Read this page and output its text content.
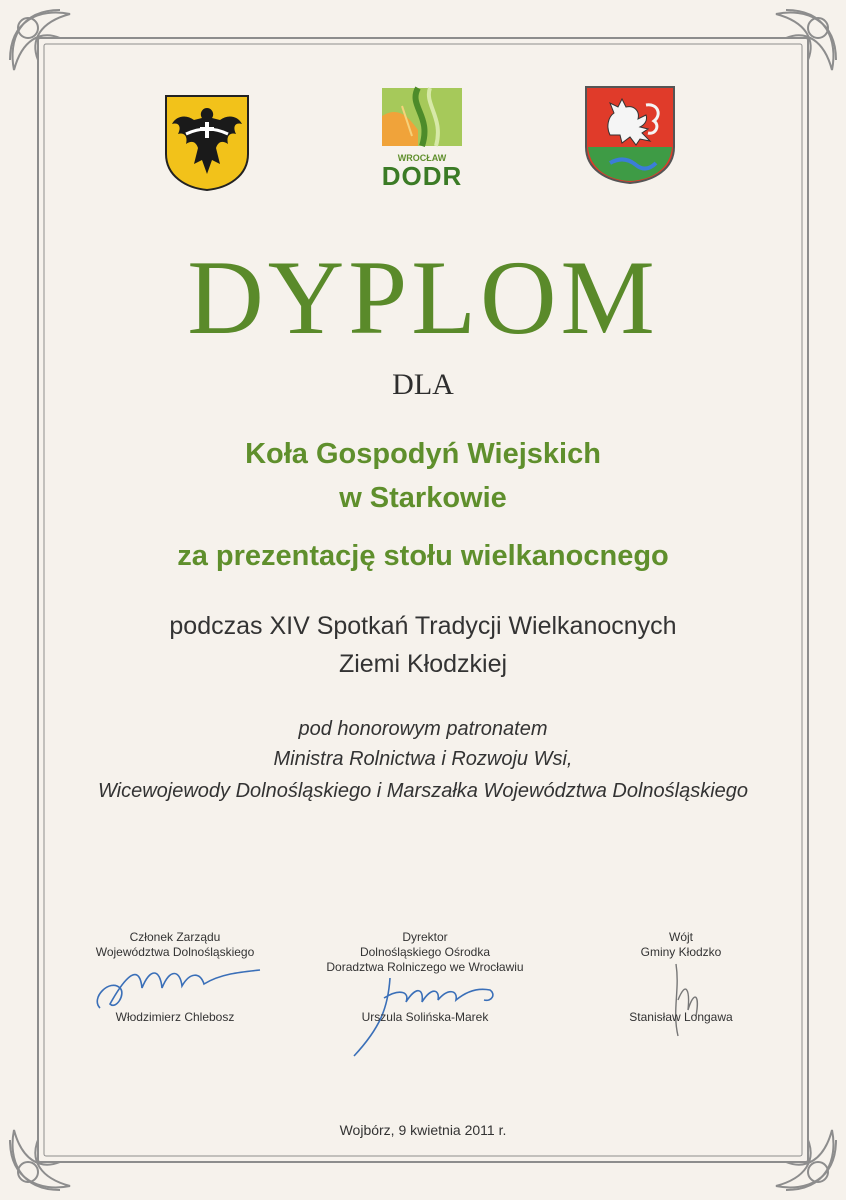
WROCŁAW
DODR
DYPLOM
DLA
Koła Gospodyń Wiejskich
w Starkowie
za prezentację stołu wielkanocnego
podczas XIV Spotkań Tradycji Wielkanocnych
Ziemi Kłodzkiej
pod honorowym patronatem
Ministra Rolnictwa i Rozwoju Wsi,
Wicewojewody Dolnośląskiego i Marszałka Województwa Dolnośląskiego
Członek Zarządu
Województwa Dolnośląskiego
Włodzimierz Chlebosz
Dyrektor
Dolnośląskiego Ośrodka
Doradztwa Rolniczego we Wrocławiu
Urszula Solińska-Marek
Wójt
Gminy Kłodzko
Stanisław Longawa
Wojbórz, 9 kwietnia 2011 r.
